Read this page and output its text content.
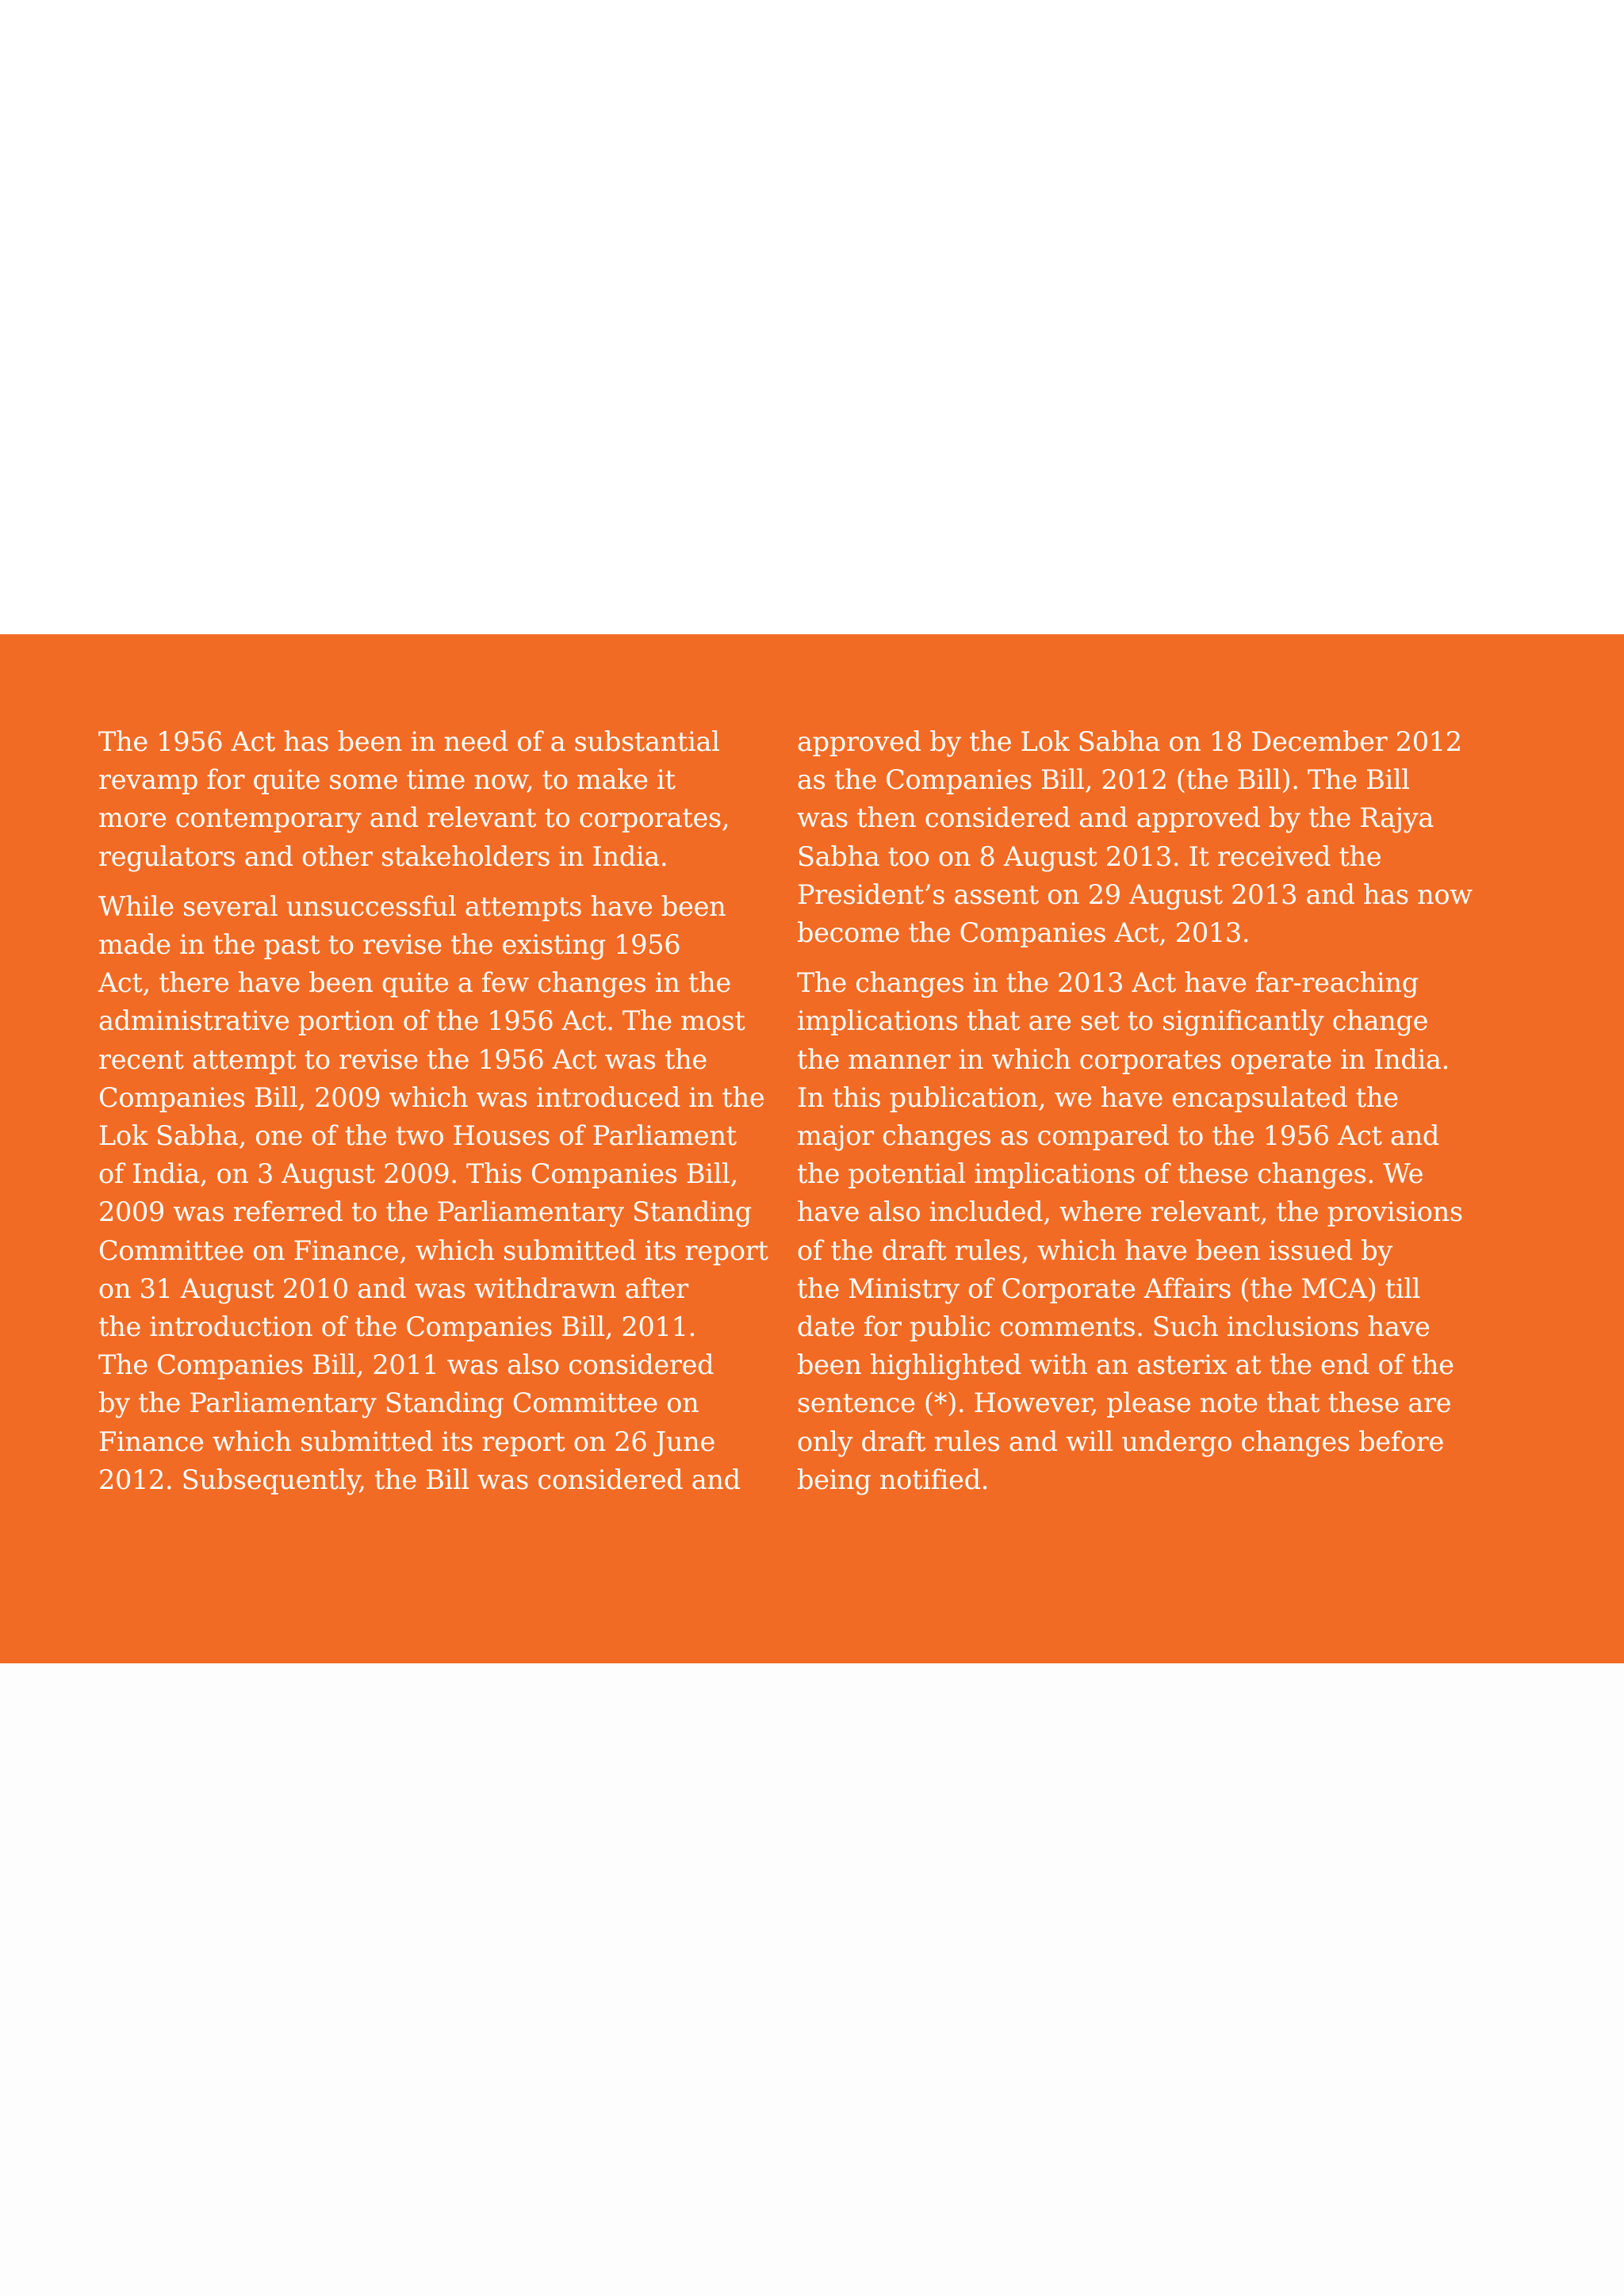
The 1956 Act has been in need of a substantial
revamp for quite some time now, to make it
more contemporary and relevant to corporates,
regulators and other stakeholders in India.
While several unsuccessful attempts have been
made in the past to revise the existing 1956
Act, there have been quite a few changes in the
administrative portion of the 1956 Act. The most
recent attempt to revise the 1956 Act was the
Companies Bill, 2009 which was introduced in the
Lok Sabha, one of the two Houses of Parliament
of India, on 3 August 2009. This Companies Bill,
2009 was referred to the Parliamentary Standing
Committee on Finance, which submitted its report
on 31 August 2010 and was withdrawn after
the introduction of the Companies Bill, 2011.
The Companies Bill, 2011 was also considered
by the Parliamentary Standing Committee on
Finance which submitted its report on 26 June
2012. Subsequently, the Bill was considered and
approved by the Lok Sabha on 18 December 2012
as the Companies Bill, 2012 (the Bill). The Bill
was then considered and approved by the Rajya
Sabha too on 8 August 2013. It received the
President’s assent on 29 August 2013 and has now
become the Companies Act, 2013.
The changes in the 2013 Act have far-reaching
implications that are set to significantly change
the manner in which corporates operate in India.
In this publication, we have encapsulated the
major changes as compared to the 1956 Act and
the potential implications of these changes. We
have also included, where relevant, the provisions
of the draft rules, which have been issued by
the Ministry of Corporate Affairs (the MCA) till
date for public comments. Such inclusions have
been highlighted with an asterix at the end of the
sentence (*). However, please note that these are
only draft rules and will undergo changes before
being notified.
